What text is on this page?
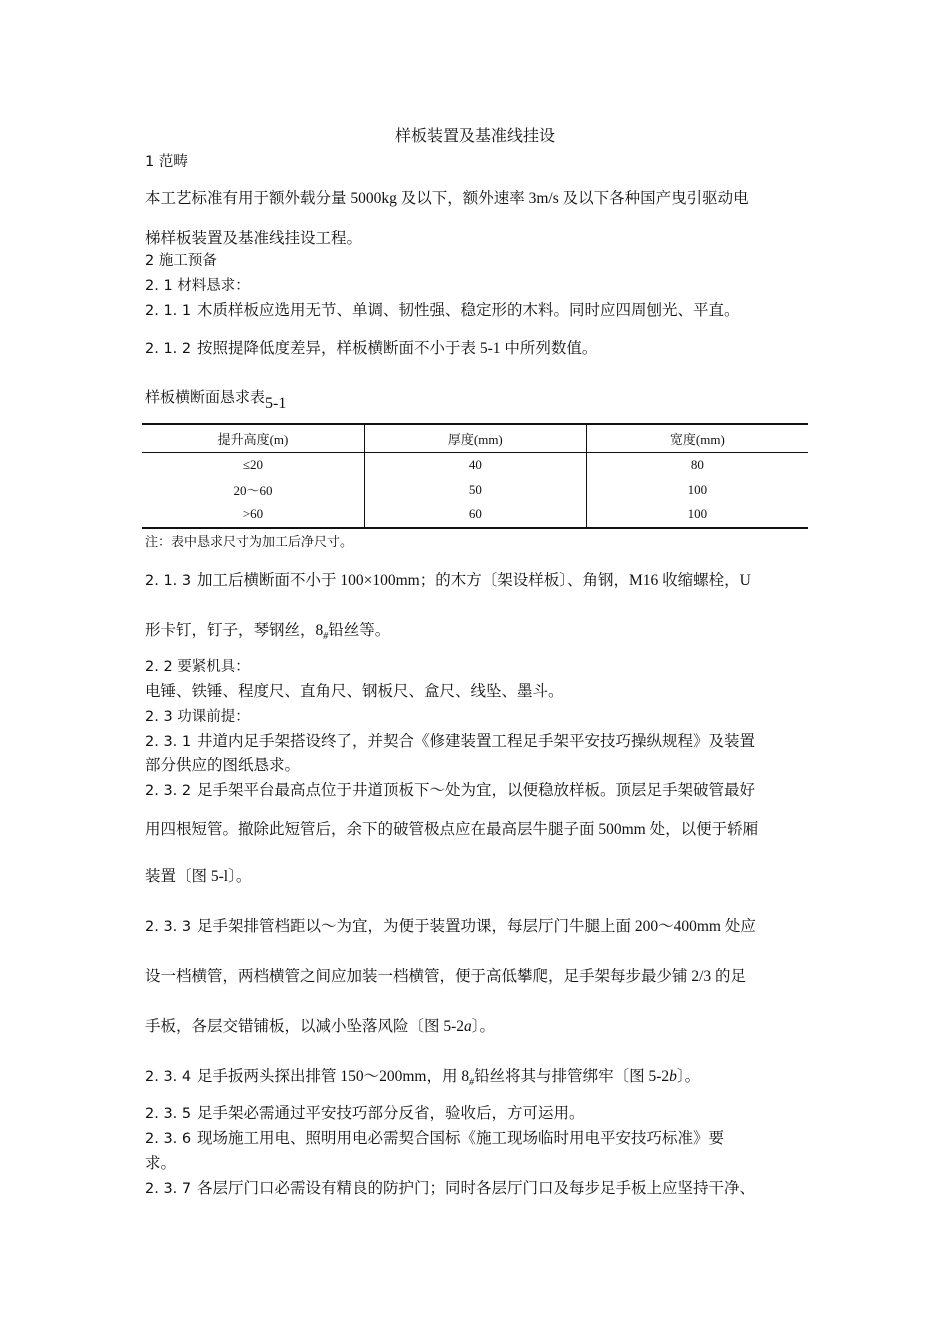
样板装置及基准线挂设
1 范畴
本工艺标准有用于额外载分量 5000kg 及以下，额外速率 3m/s 及以下各种国产曳引驱动电
梯样板装置及基准线挂设工程。
2 施工预备
2. 1 材料恳求：
2. 1. 1 木质样板应选用无节、单调、韧性强、稳定形的木料。同时应四周刨光、平直。
2. 1. 2 按照提降低度差异，样板横断面不小于表 5-1 中所列数值。
样板横断面恳求表5-1
提升高度(m)	厚度(mm)	宽度(mm)
≤20	40	80
20～60	50	100
>60	60	100
注：表中恳求尺寸为加工后净尺寸。
2. 1. 3 加工后横断面不小于 100×100mm；的木方〔架设样板〕、角钢，M16 收缩螺栓，U
形卡钉，钉子，琴钢丝，$8_{\#}$铅丝等。
2. 2 要紧机具：
电锤、铁锤、程度尺、直角尺、钢板尺、盒尺、线坠、墨斗。
2. 3 功课前提：
2. 3. 1 井道内足手架搭设终了，并契合《修建装置工程足手架平安技巧操纵规程》及装置
部分供应的图纸恳求。
2. 3. 2 足手架平台最高点位于井道顶板下～处为宜，以便稳放样板。顶层足手架破管最好
用四根短管。撤除此短管后，余下的破管极点应在最高层牛腿子面 500mm 处，以便于轿厢
装置〔图 5-l〕。
2. 3. 3 足手架排管档距以～为宜，为便于装置功课，每层厅门牛腿上面 200～400mm 处应
设一档横管，两档横管之间应加装一档横管，便于高低攀爬，足手架每步最少铺 2/3 的足
手板，各层交错铺板，以减小坠落风险〔图 5-2a〕。
2. 3. 4 足手扳两头探出排管 150～200mm，用 $8_{\#}$铅丝将其与排管绑牢〔图 5-2b〕。
2. 3. 5 足手架必需通过平安技巧部分反省，验收后，方可运用。
2. 3. 6 现场施工用电、照明用电必需契合国标《施工现场临时用电平安技巧标准》要
求。
2. 3. 7 各层厅门口必需设有精良的防护门；同时各层厅门口及每步足手板上应坚持干净、
